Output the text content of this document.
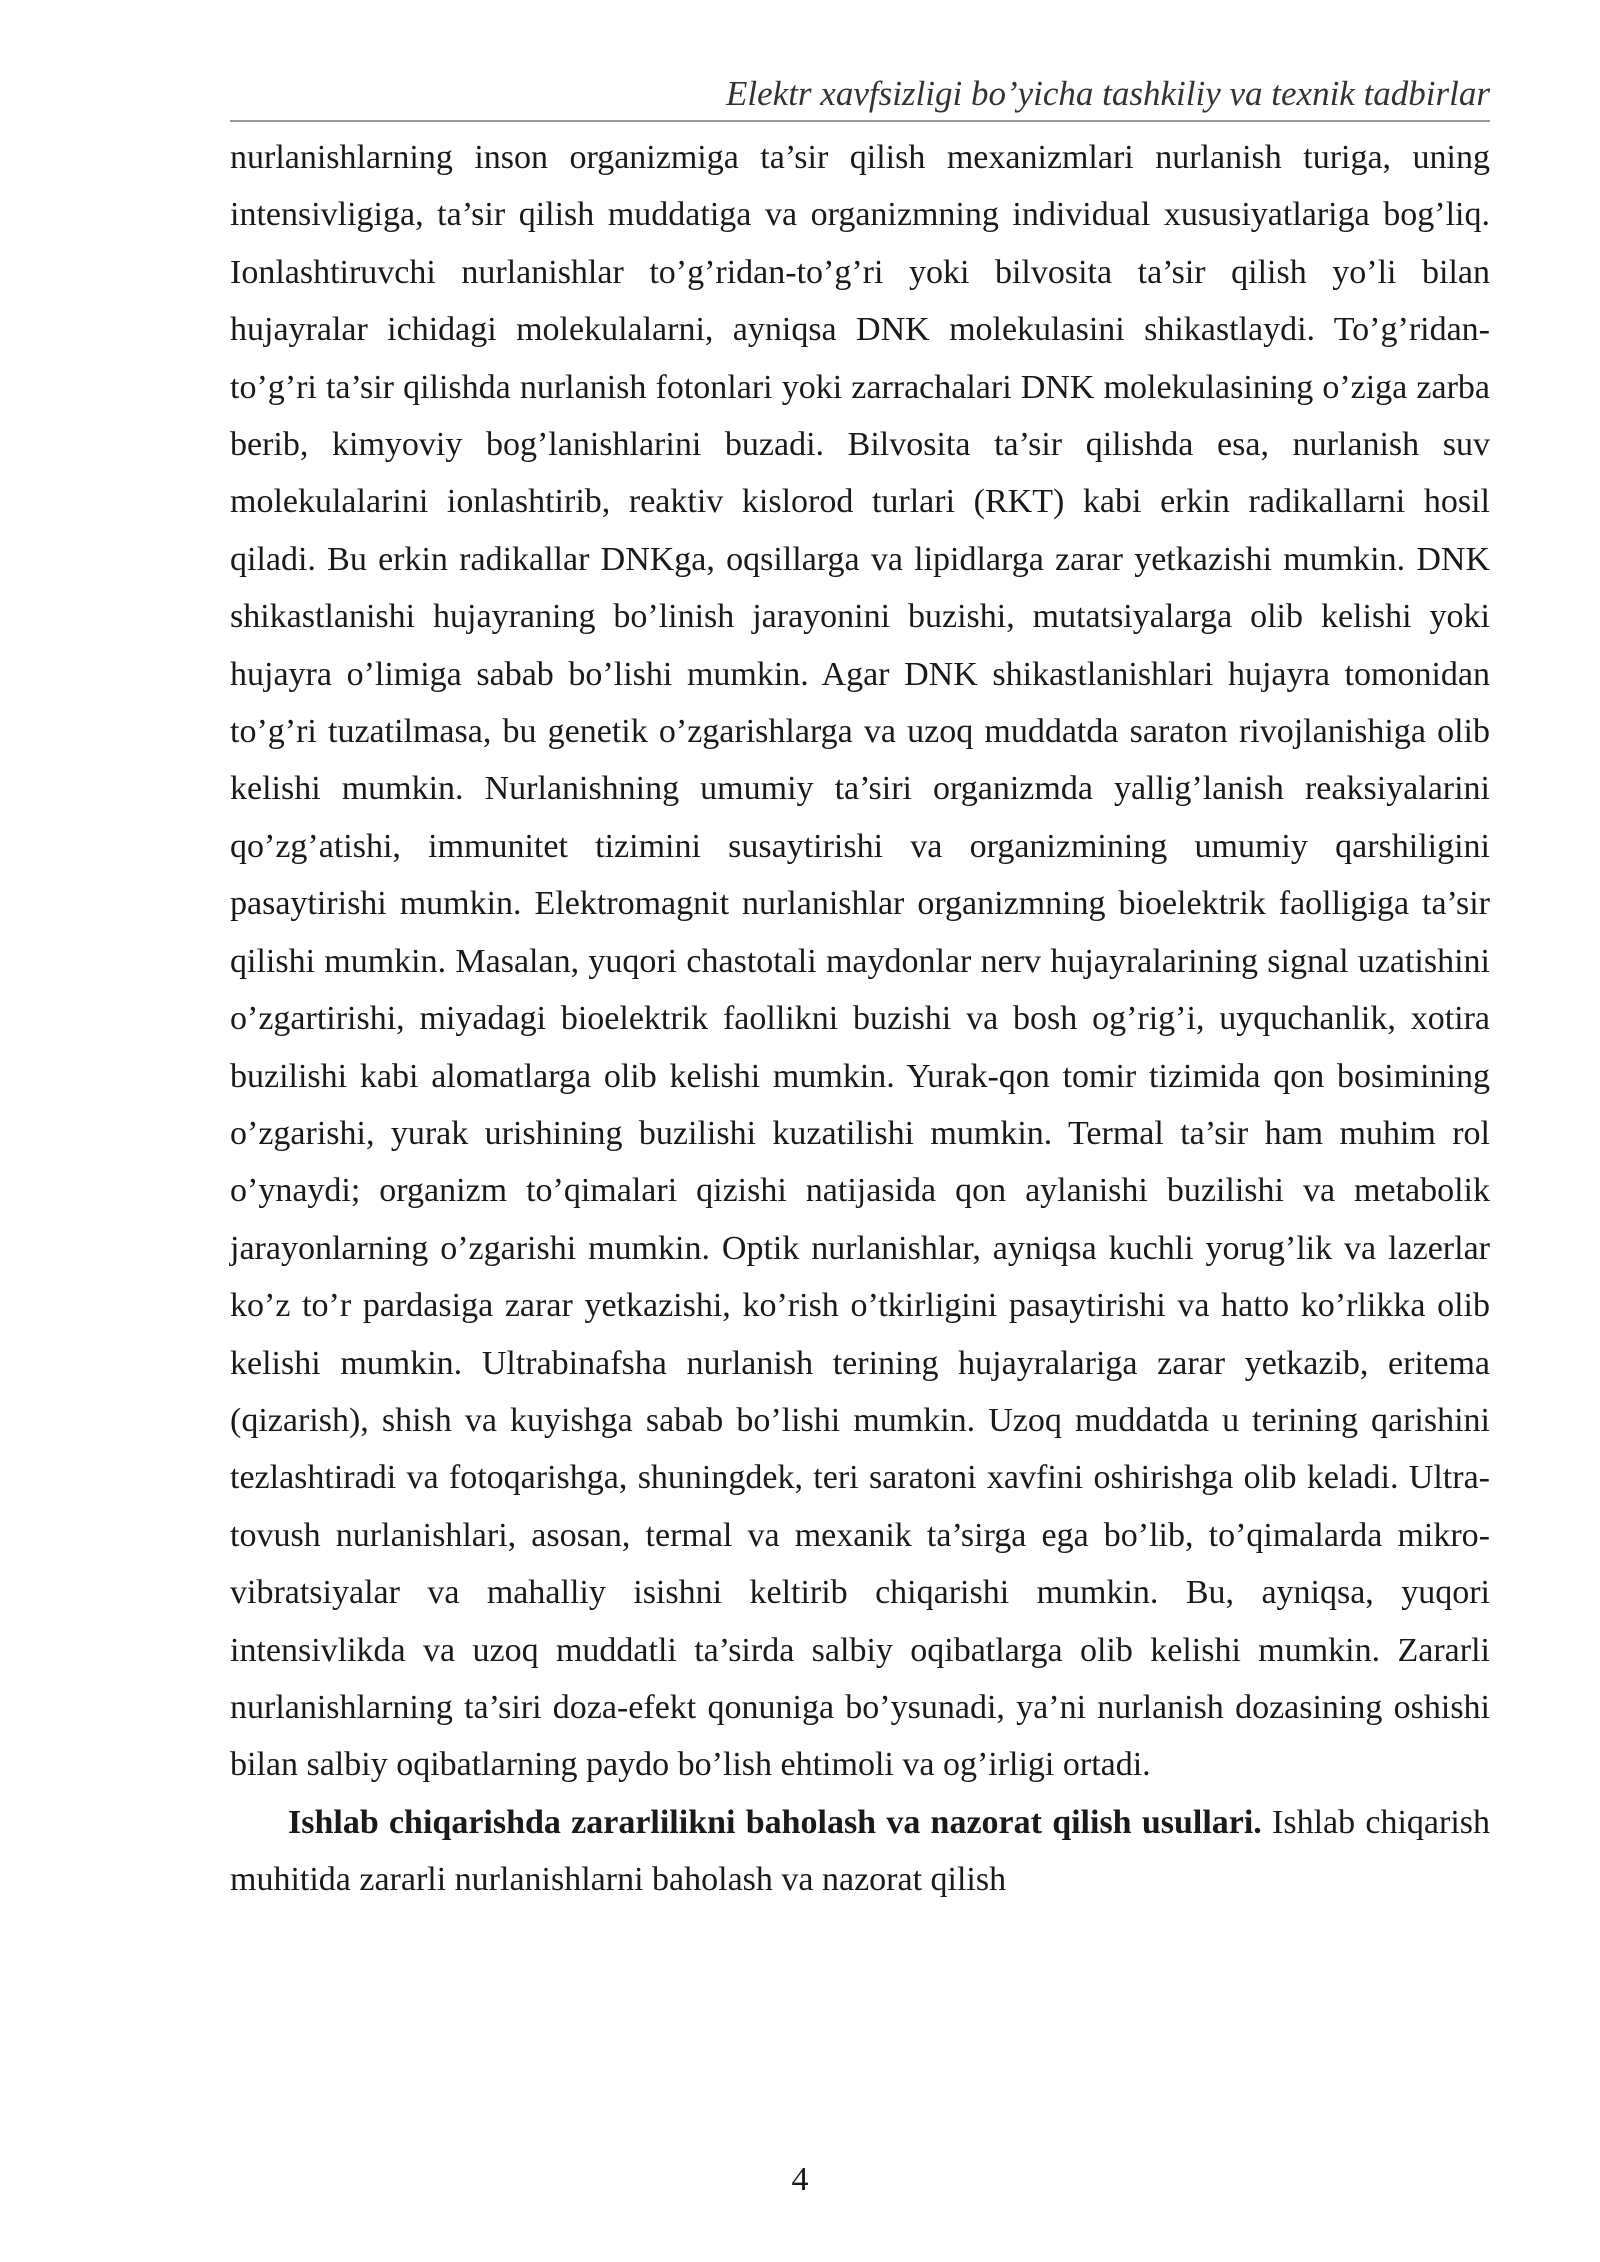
Elektr xavfsizligi bo’yicha tashkiliy va texnik tadbirlar

nurlanishlarning inson organizmiga ta’sir qilish mexanizmlari nurlanish turiga, uning intensivligiga, ta’sir qilish muddatiga va organizmning individual xususiyatlariga bog’liq. Ionlashtiruvchi nurlanishlar to’g’ridan-to’g’ri yoki bilvosita ta’sir qilish yo’li bilan hujayralar ichidagi molekulalarni, ayniqsa DNK molekulasini shikastlaydi. To’g’ridan-to’g’ri ta’sir qilishda nurlanish fotonlari yoki zarrachalari DNK molekulasining o’ziga zarba berib, kimyoviy bog’lanishlarini buzadi. Bilvosita ta’sir qilishda esa, nurlanish suv molekulalarini ionlashtirib, reaktiv kislorod turlari (RKT) kabi erkin radikallarni hosil qiladi. Bu erkin radikallar DNKga, oqsillarga va lipidlarga zarar yetkazishi mumkin. DNK shikastlanishi hujayraning bo’linish jarayonini buzishi, mutatsiyalarga olib kelishi yoki hujayra o’limiga sabab bo’lishi mumkin. Agar DNK shikastlanishlari hujayra tomonidan to’g’ri tuzatilmasa, bu genetik o’zgarishlarga va uzoq muddatda saraton rivojlanishiga olib kelishi mumkin. Nurlanishning umumiy ta’siri organizmda yallig’lanish reaksiyalarini qo’zg’atishi, immunitet tizimini susaytirishi va organizmining umumiy qarshiligini pasaytirishi mumkin. Elektromagnit nurlanishlar organizmning bioelektrik faolligiga ta’sir qilishi mumkin. Masalan, yuqori chastotali maydonlar nerv hujayralarining signal uzatishini o’zgartirishi, miyadagi bioelektrik faollikni buzishi va bosh og’rig’i, uyquchanlik, xotira buzilishi kabi alomatlarga olib kelishi mumkin. Yurak-qon tomir tizimida qon bosimining o’zgarishi, yurak urishining buzilishi kuzatilishi mumkin. Termal ta’sir ham muhim rol o’ynaydi; organizm to’qimalari qizishi natijasida qon aylanishi buzilishi va metabolik jarayonlarning o’zgarishi mumkin. Optik nurlanishlar, ayniqsa kuchli yorug’lik va lazerlar ko’z to’r pardasiga zarar yetkazishi, ko’rish o’tkirligini pasaytirishi va hatto ko’rlikka olib kelishi mumkin. Ultrabinafsha nurlanish terining hujayralariga zarar yetkazib, eritema (qizarish), shish va kuyishga sabab bo’lishi mumkin. Uzoq muddatda u terining qarishini tezlashtiradi va fotoqarishga, shuningdek, teri saratoni xavfini oshirishga olib keladi. Ultra-tovush nurlanishlari, asosan, termal va mexanik ta’sirga ega bo’lib, to’qimalarda mikro-vibratsiyalar va mahalliy isishni keltirib chiqarishi mumkin. Bu, ayniqsa, yuqori intensivlikda va uzoq muddatli ta’sirda salbiy oqibatlarga olib kelishi mumkin. Zararli nurlanishlarning ta’siri doza-efekt qonuniga bo’ysunadi, ya’ni nurlanish dozasining oshishi bilan salbiy oqibatlarning paydo bo’lish ehtimoli va og’irligi ortadi.

Ishlab chiqarishda zararlilikni baholash va nazorat qilish usullari. Ishlab chiqarish muhitida zararli nurlanishlarni baholash va nazorat qilish

4
